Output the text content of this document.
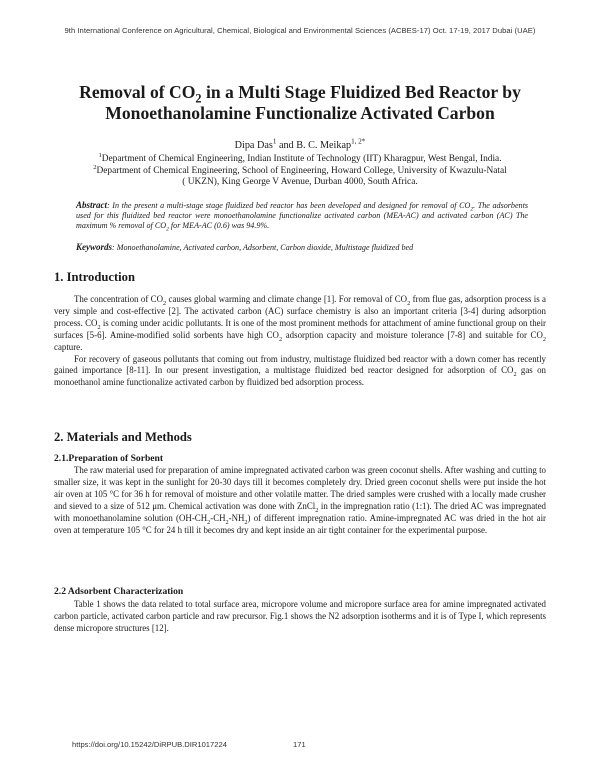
9th International Conference on Agricultural, Chemical, Biological and Environmental Sciences (ACBES-17) Oct. 17-19, 2017 Dubai (UAE)
Removal of $CO_2$ in a Multi Stage Fluidized Bed Reactor by
Monoethanolamine Functionalize Activated Carbon
Dipa Das$^1$ and B. C. Meikap$^{1, 2*}$
$^1$Department of Chemical Engineering, Indian Institute of Technology (IIT) Kharagpur, West Bengal, India.
$^2$Department of Chemical Engineering, School of Engineering, Howard College, University of Kwazulu-Natal
( UKZN), King George V Avenue, Durban 4000, South Africa.
Abstract: In the present a multi-stage stage fluidized bed reactor has been developed and designed for removal of $CO_2$. The adsorbents used for this fluidized bed reactor were monoethanolamine functionalize activated carbon (MEA-AC) and activated carbon (AC) The maximum % removal of $CO_2$ for MEA-AC (0.6) was 94.9%.
Keywords: Monoethanolamine, Activated carbon, Adsorbent, Carbon dioxide, Multistage fluidized bed
1. Introduction

The concentration of $CO_2$ causes global warming and climate change [1]. For removal of $CO_2$ from flue gas, adsorption process is a very simple and cost-effective [2]. The activated carbon (AC) surface chemistry is also an important criteria [3-4] during adsorption process. $CO_2$ is coming under acidic pollutants. It is one of the most prominent methods for attachment of amine functional group on their surfaces [5-6]. Amine-modified solid sorbents have high $CO_2$ adsorption capacity and moisture tolerance [7-8] and suitable for $CO_2$ capture.

For recovery of gaseous pollutants that coming out from industry, multistage fluidized bed reactor with a down comer has recently gained importance [8-11]. In our present investigation, a multistage fluidized bed reactor designed for adsorption of $CO_2$ gas on monoethanol amine functionalize activated carbon by fluidized bed adsorption process.

2. Materials and Methods
2.1.Preparation of Sorbent

The raw material used for preparation of amine impregnated activated carbon was green coconut shells. After washing and cutting to smaller size, it was kept in the sunlight for 20-30 days till it becomes completely dry. Dried green coconut shells were put inside the hot air oven at 105 °C for 36 h for removal of moisture and other volatile matter. The dried samples were crushed with a locally made crusher and sieved to a size of 512 μm. Chemical activation was done with ZnCl$_2$ in the impregnation ratio (1:1). The dried AC was impregnated with monoethanolamine solution $(OH-CH_2-CH_2-NH_2)$ of different impregnation ratio. Amine-impregnated AC was dried in the hot air oven at temperature 105 °C for 24 h till it becomes dry and kept inside an air tight container for the experimental purpose.

2.2 Adsorbent Characterization

Table 1 shows the data related to total surface area, micropore volume and micropore surface area for amine impregnated activated carbon particle, activated carbon particle and raw precursor. Fig.1 shows the N2 adsorption isotherms and it is of Type I, which represents dense micropore structures [12].

https://doi.org/10.15242/DiRPUB.DIR1017224	171
